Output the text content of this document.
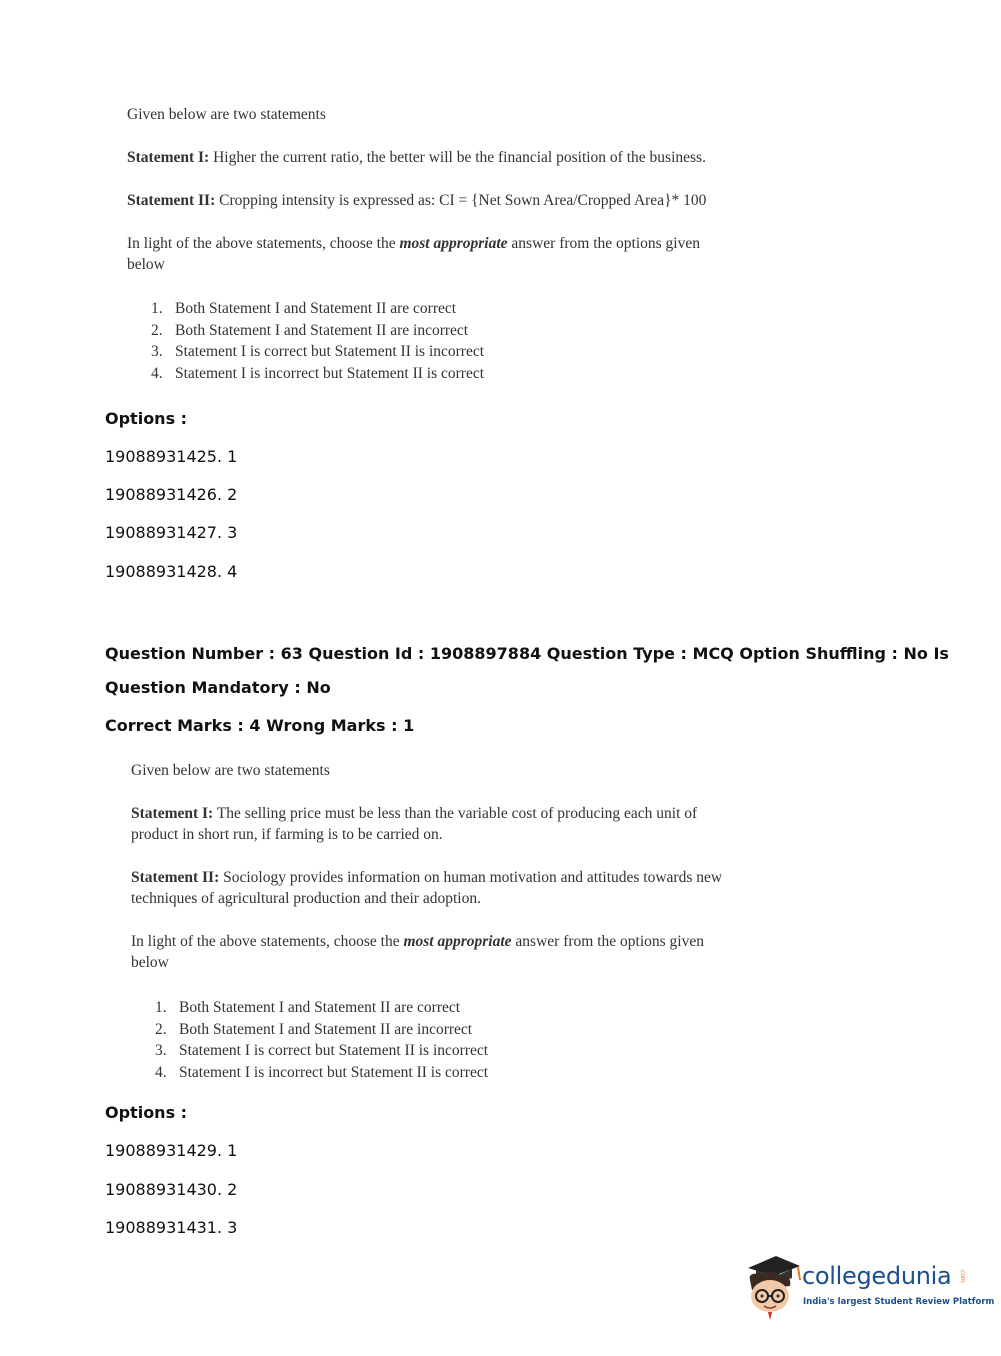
Given below are two statements

Statement I: Higher the current ratio, the better will be the financial position of the business.

Statement II: Cropping intensity is expressed as: CI = {Net Sown Area/Cropped Area}* 100

In light of the above statements, choose the most appropriate answer from the options given below

1. Both Statement I and Statement II are correct
2. Both Statement I and Statement II are incorrect
3. Statement I is correct but Statement II is incorrect
4. Statement I is incorrect but Statement II is correct
Options :
19088931425. 1
19088931426. 2
19088931427. 3
19088931428. 4
Question Number : 63 Question Id : 1908897884 Question Type : MCQ Option Shuffling : No Is
Question Mandatory : No
Correct Marks : 4 Wrong Marks : 1

Given below are two statements

Statement I: The selling price must be less than the variable cost of producing each unit of product in short run, if farming is to be carried on.

Statement II: Sociology provides information on human motivation and attitudes towards new techniques of agricultural production and their adoption.

In light of the above statements, choose the most appropriate answer from the options given below

1. Both Statement I and Statement II are correct
2. Both Statement I and Statement II are incorrect
3. Statement I is correct but Statement II is incorrect
4. Statement I is incorrect but Statement II is correct
Options :
19088931429. 1
19088931430. 2
19088931431. 3
collegedunia .com
India's largest Student Review Platform
